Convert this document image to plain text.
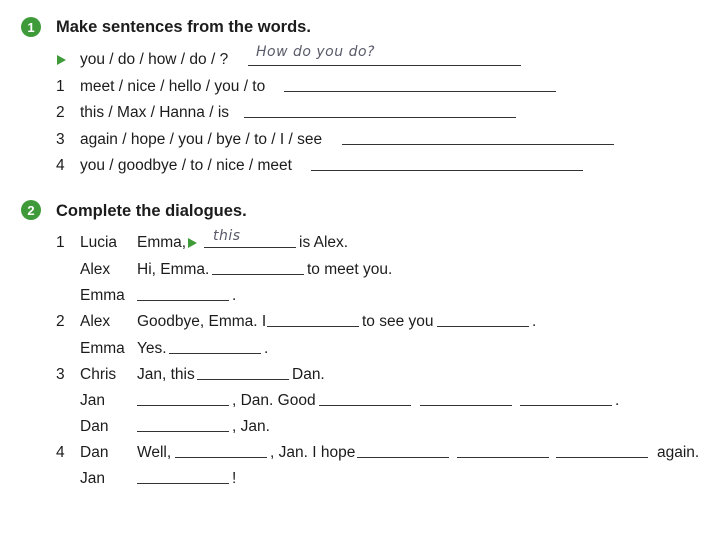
1	Make sentences from the words.
you / do / how / do / ? How do you do?
1 meet / nice / hello / you / to
2 this / Max / Hanna / is
3 again / hope / you / bye / to / I / see
4 you / goodbye / to / nice / meet
2	Complete the dialogues.
1 Lucia Emma, this	is Alex.
Alex Hi, Emma.	to meet you.
Emma	.
2 Alex Goodbye, Emma. I	to see you	.
Emma Yes.	.
3 Chris Jan, this	Dan.
Jan	, Dan. Good	.
Dan	, Jan.
4 Dan Well,	, Jan. I hope	again.
Jan	!
